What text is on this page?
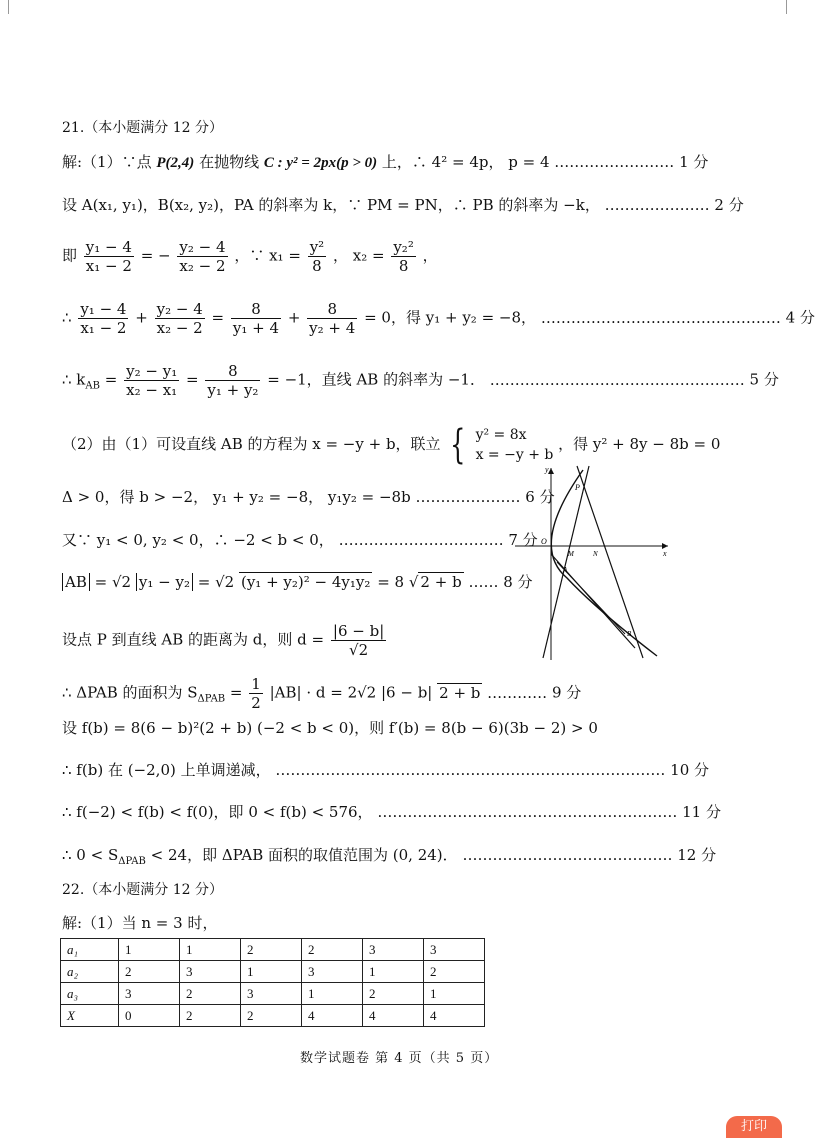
21.（本小题满分 12 分）
解:（1）∵点 P(2,4) 在抛物线 C : y² = 2px(p > 0) 上，∴ 4² = 4p， p = 4 …………………… 1 分
设 A(x₁, y₁)，B(x₂, y₂)，PA 的斜率为 k，∵ PM = PN，∴ PB 的斜率为 −k， ………………… 2 分
即 $\frac{\text{y₁ − 4}}{\text{x₁ − 2}}$ = − $\frac{\text{y₂ − 4}}{\text{x₂ − 2}}$ ，∵ $x_1 = \frac{\text{y²}}{8}$ ， $x_2 = \frac{\text{y₂²}}{8}$ ，
∴ $\frac{\text{y₁ − 4}}{\text{x₁ − 2}} + \frac{\text{y₂ − 4}}{\text{x₂ − 2}} = \frac{8}{\text{y₁ + 4}} + \frac{8}{\text{y₂ + 4}} = 0$，得 y₁ + y₂ = −8， ………………………………………… 4 分
∴ $k_{AB} = \frac{\text{y₂ − y₁}}{\text{x₂ − x₁}} = \frac{8}{\text{y₁ + y₂}} = -1$，直线 AB 的斜率为 −1． …………………………………………… 5 分
（2）由（1）可设直线 AB 的方程为 x = −y + b，联立 { y² = 8x
x = −y + b
，得 y² + 8y − 8b = 0
Δ > 0，得 b > −2， y₁ + y₂ = −8， y₁y₂ = −8b ………………… 6 分
又∵ y₁ < 0, y₂ < 0，∴ −2 < b < 0， …………………………… 7 分
AB = √2 y₁ − y₂ = √2 (y₁ + y₂)² − 4y₁y₂ = 8 √ 2 + b …… 8 分
设点 P 到直线 AB 的距离为 d，则 $d = \frac{|6 - b|}{√2}$
∴ ΔPAB 的面积为 $S_{\Delta PAB} = \frac{1}{2} |AB| \cdot d = 2√2$ |6 − b| 2 + b ………… 9 分
设 f(b) = 8(6 − b)²(2 + b) (−2 < b < 0)，则 f′(b) = 8(b − 6)(3b − 2) > 0
∴ f(b) 在 (−2,0) 上单调递减， …………………………………………………………………… 10 分
∴ f(−2) < f(b) < f(0)，即 0 < f(b) < 576， …………………………………………………… 11 分
∴ $0 < S_{\Delta PAB} < 24$，即 ΔPAB 面积的取值范围为 (0, 24)． …………………………………… 12 分
y
x
O
P
M	N
A
B
22.（本小题满分 12 分）
解:（1）当 n = 3 时，
a₁	1	1	2	2	3	3
a₂	2	3	1	3	1	2
a₃	3	2	3	1	2	1
X	0	2	2	4	4	4
数学试题卷 第 4 页（共 5 页）
打印
